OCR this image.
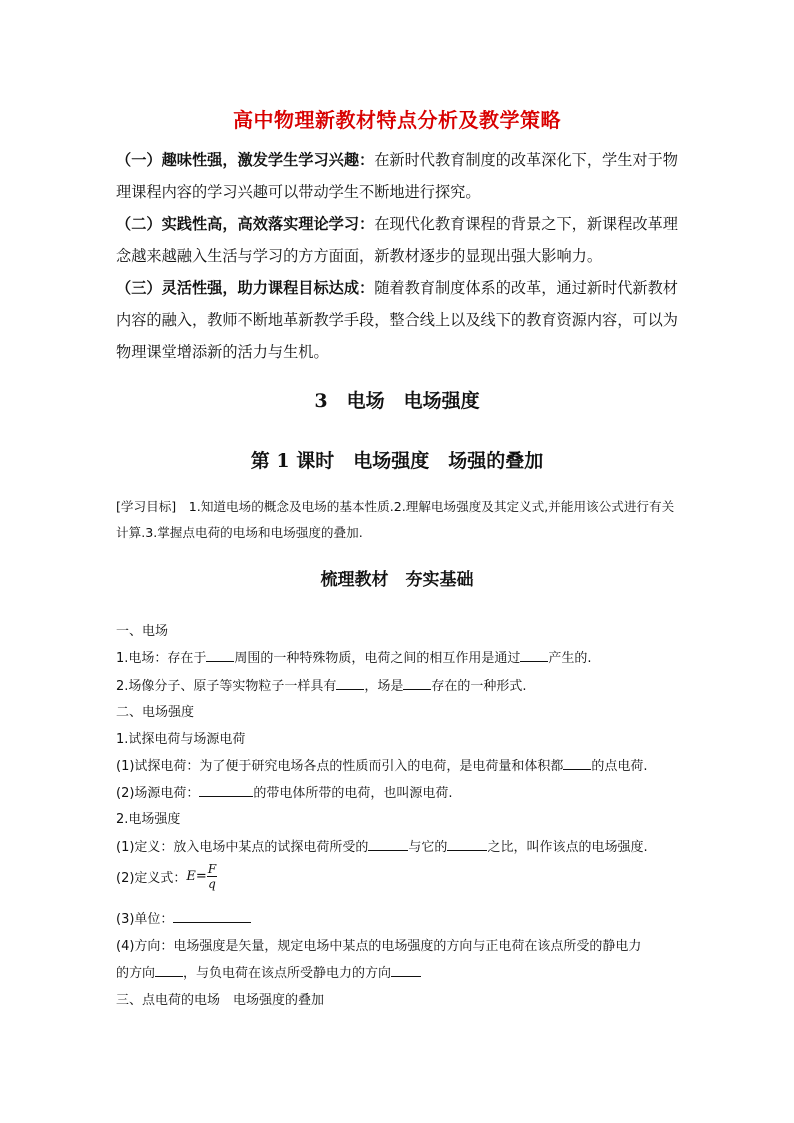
高中物理新教材特点分析及教学策略
（一）趣味性强，激发学生学习兴趣：在新时代教育制度的改革深化下，学生对于物理课程内容的学习兴趣可以带动学生不断地进行探究。
（二）实践性高，高效落实理论学习：在现代化教育课程的背景之下，新课程改革理念越来越融入生活与学习的方方面面，新教材逐步的显现出强大影响力。
（三）灵活性强，助力课程目标达成：随着教育制度体系的改革，通过新时代新教材内容的融入，教师不断地革新教学手段，整合线上以及线下的教育资源内容，可以为物理课堂增添新的活力与生机。
3　电场　电场强度
第 1 课时　电场强度　场强的叠加
[学习目标]　1.知道电场的概念及电场的基本性质.2.理解电场强度及其定义式,并能用该公式进行有关计算.3.掌握点电荷的电场和电场强度的叠加.
梳理教材　夯实基础
一、电场
1.电场：存在于 周围的一种特殊物质，电荷之间的相互作用是通过 产生的.
2.场像分子、原子等实物粒子一样具有 ，场是 存在的一种形式.
二、电场强度
1.试探电荷与场源电荷
(1)试探电荷：为了便于研究电场各点的性质而引入的电荷，是电荷量和体积都 的点电荷.
(2)场源电荷：	的带电体所带的电荷，也叫源电荷.
2.电场强度
(1)定义：放入电场中某点的试探电荷所受的	与它的	之比，叫作该点的电场强度.
(2)定义式：$E= \frac{F}{q}$
(3)单位：
(4)方向：电场强度是矢量，规定电场中某点的电场强度的方向与正电荷在该点所受的静电力
的方向 ，与负电荷在该点所受静电力的方向
三、点电荷的电场　电场强度的叠加
